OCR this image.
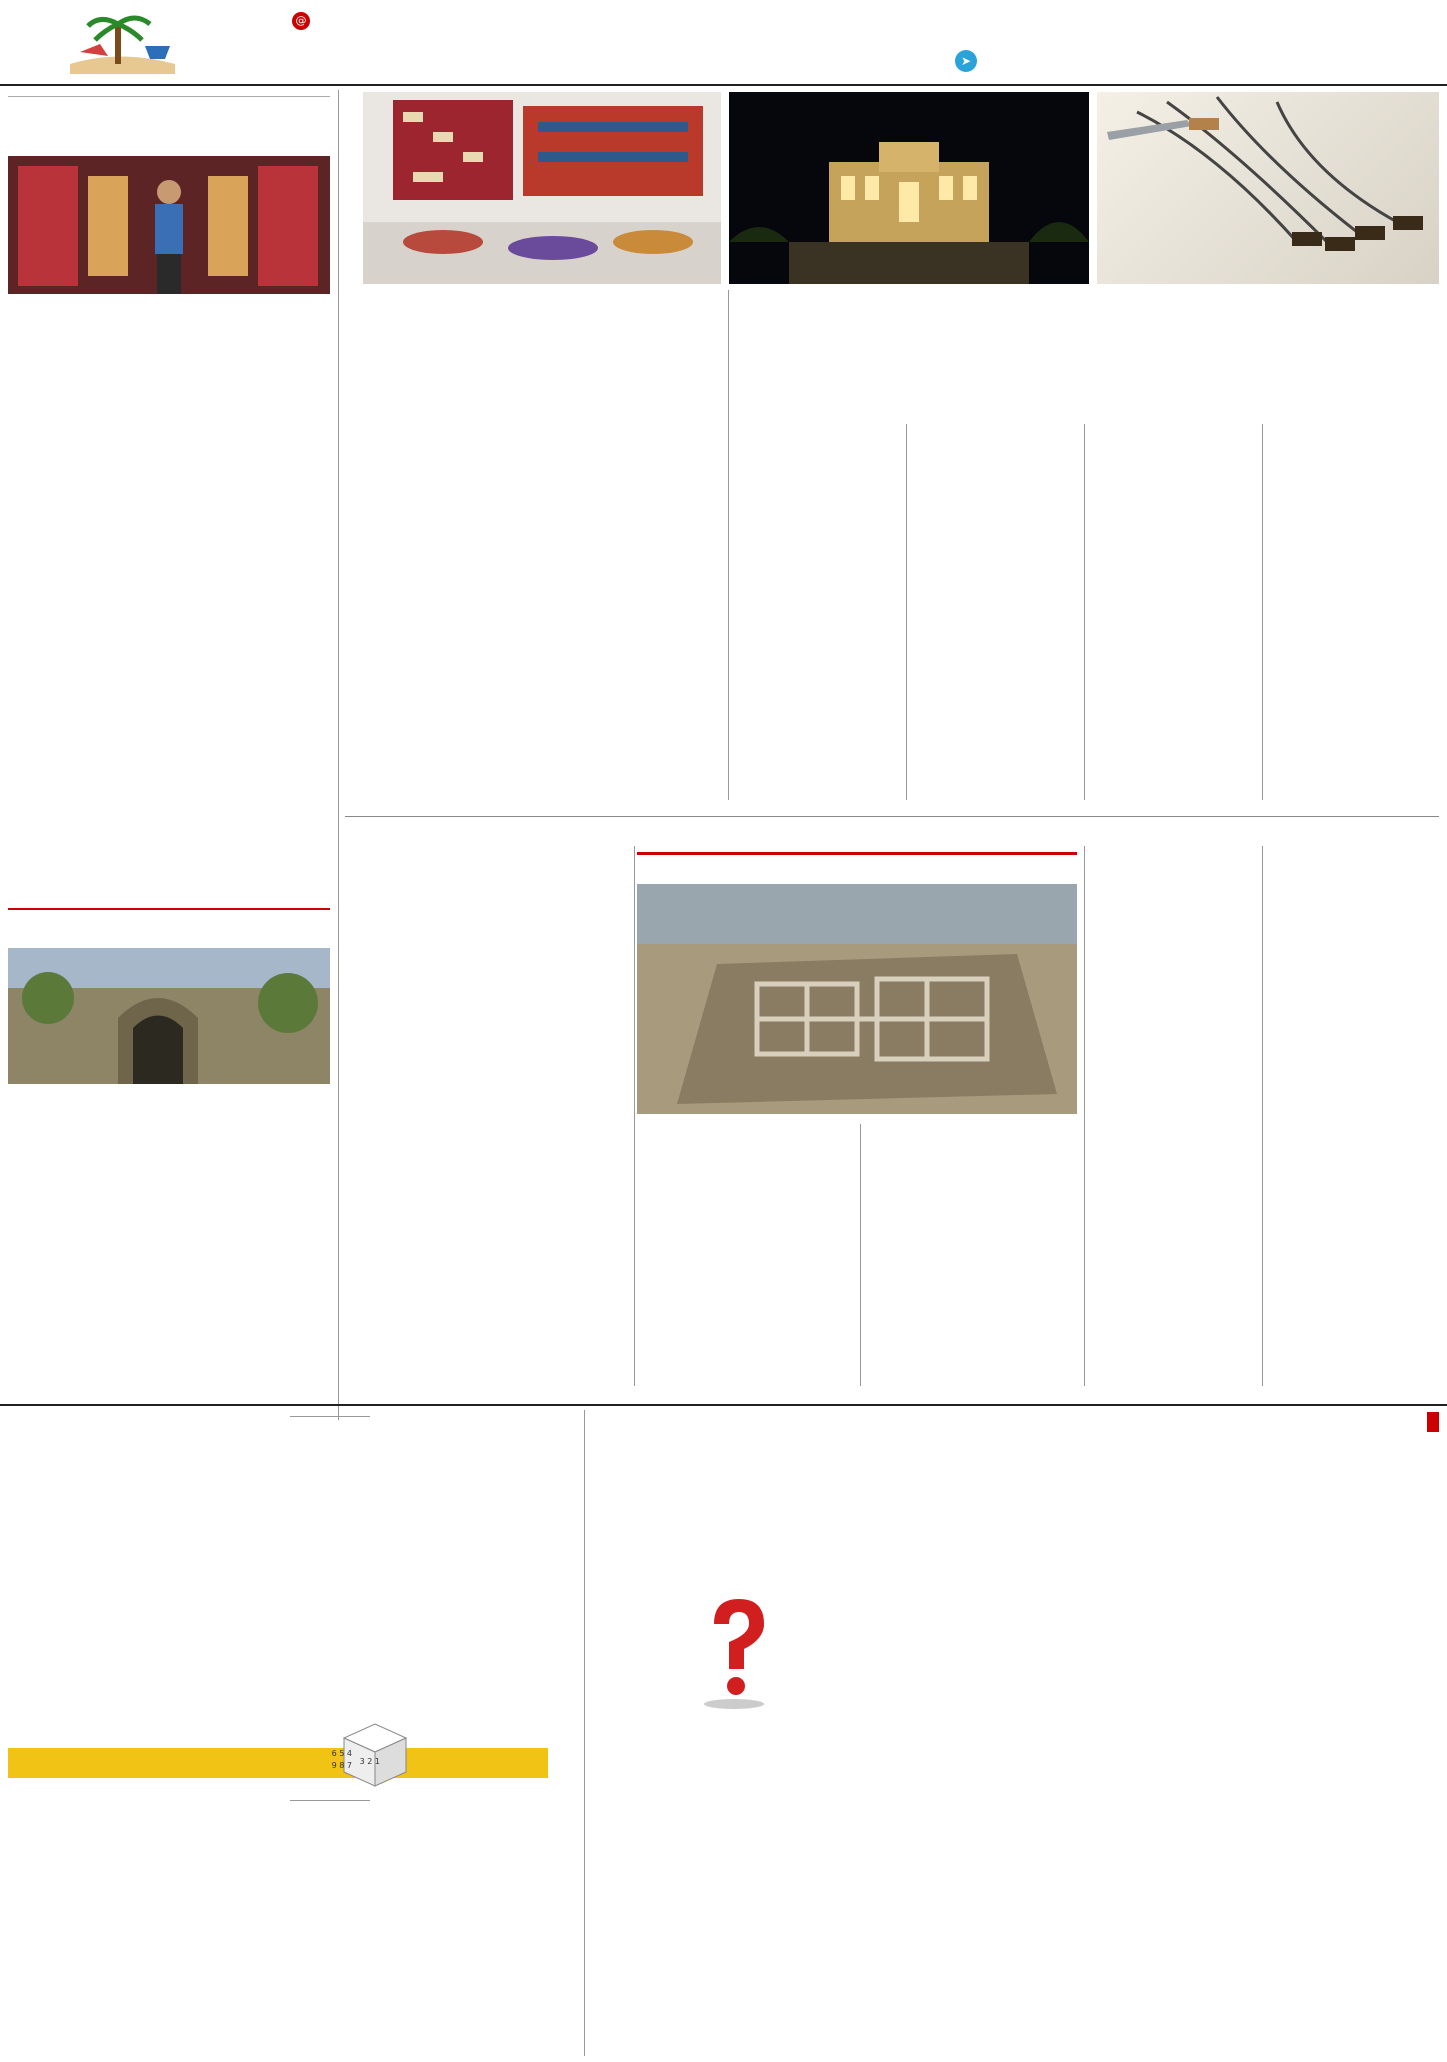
➤
@
4 5 6
7 8 9 1 2 3
